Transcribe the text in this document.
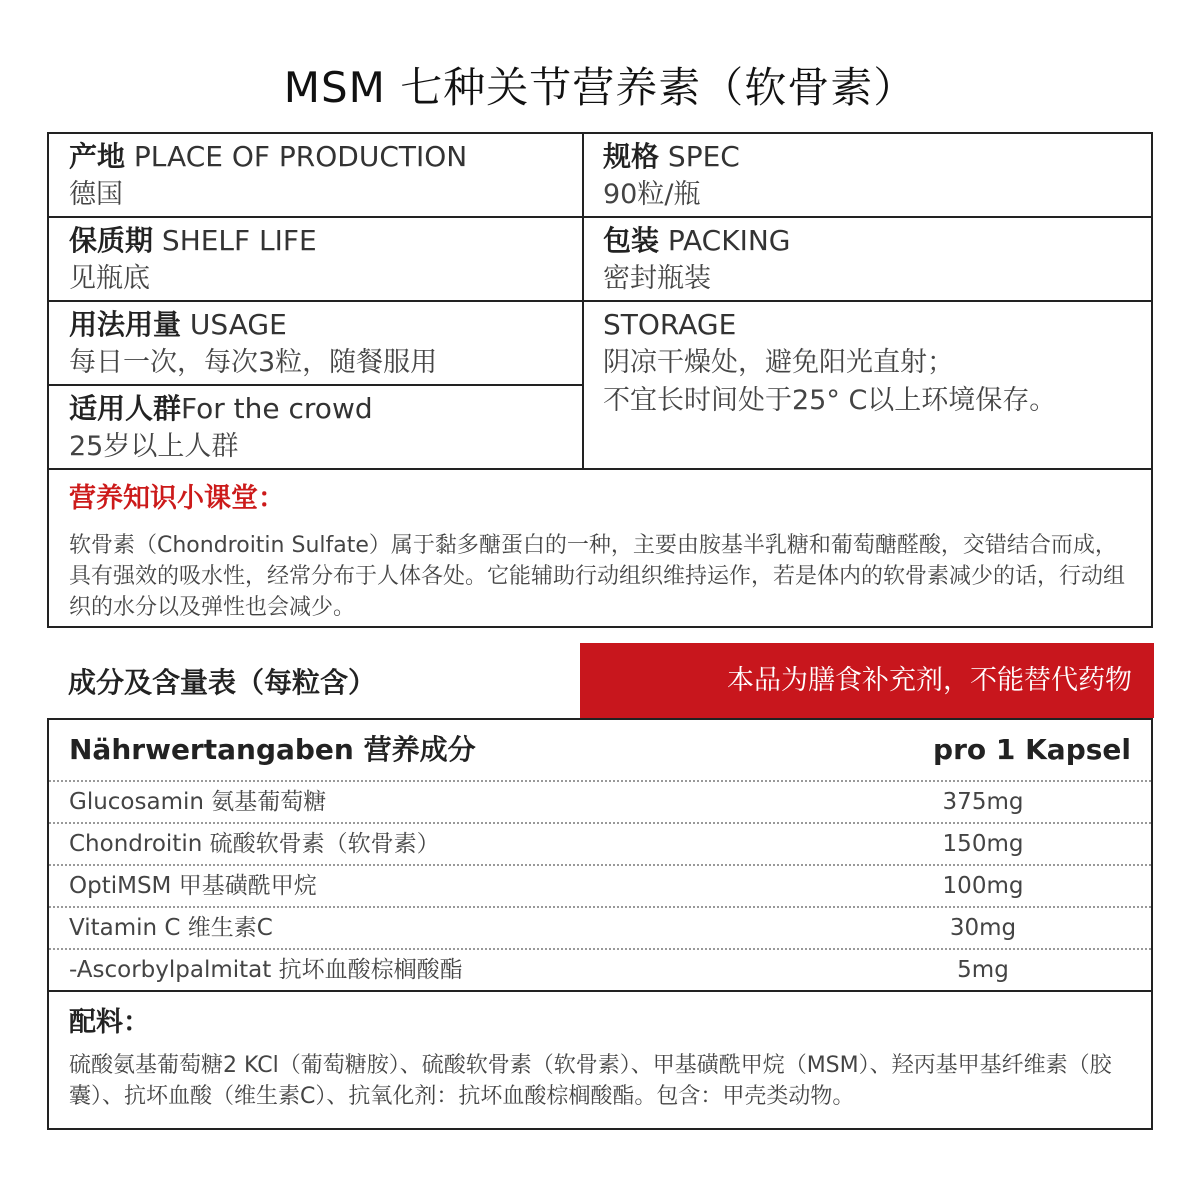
MSM 七种关节营养素（软骨素）
产地 PLACE OF PRODUCTION
德国
规格 SPEC
90粒/瓶
保质期 SHELF LIFE
见瓶底
包装 PACKING
密封瓶装
用法用量 USAGE
每日一次，每次3粒，随餐服用
STORAGE
阴凉干燥处，避免阳光直射；
不宜长时间处于25° C以上环境保存。
适用人群For the crowd
25岁以上人群
营养知识小课堂：
软骨素（Chondroitin Sulfate）属于黏多醣蛋白的一种，主要由胺基半乳糖和葡萄醣醛酸，交错结合而成，具有强效的吸水性，经常分布于人体各处。它能辅助行动组织维持运作，若是体内的软骨素减少的话，行动组织的水分以及弹性也会减少。
成分及含量表（每粒含）	本品为膳食补充剂，不能替代药物
Nährwertangaben 营养成分	pro 1 Kapsel
Glucosamin 氨基葡萄糖	375mg
Chondroitin 硫酸软骨素（软骨素）	150mg
OptiMSM 甲基磺酰甲烷	100mg
Vitamin C 维生素C	30mg
-Ascorbylpalmitat 抗坏血酸棕榈酸酯	5mg
配料：
硫酸氨基葡萄糖2 KCl（葡萄糖胺）、硫酸软骨素（软骨素）、甲基磺酰甲烷（MSM）、羟丙基甲基纤维素（胶囊）、抗坏血酸（维生素C）、抗氧化剂：抗坏血酸棕榈酸酯。包含：甲壳类动物。
